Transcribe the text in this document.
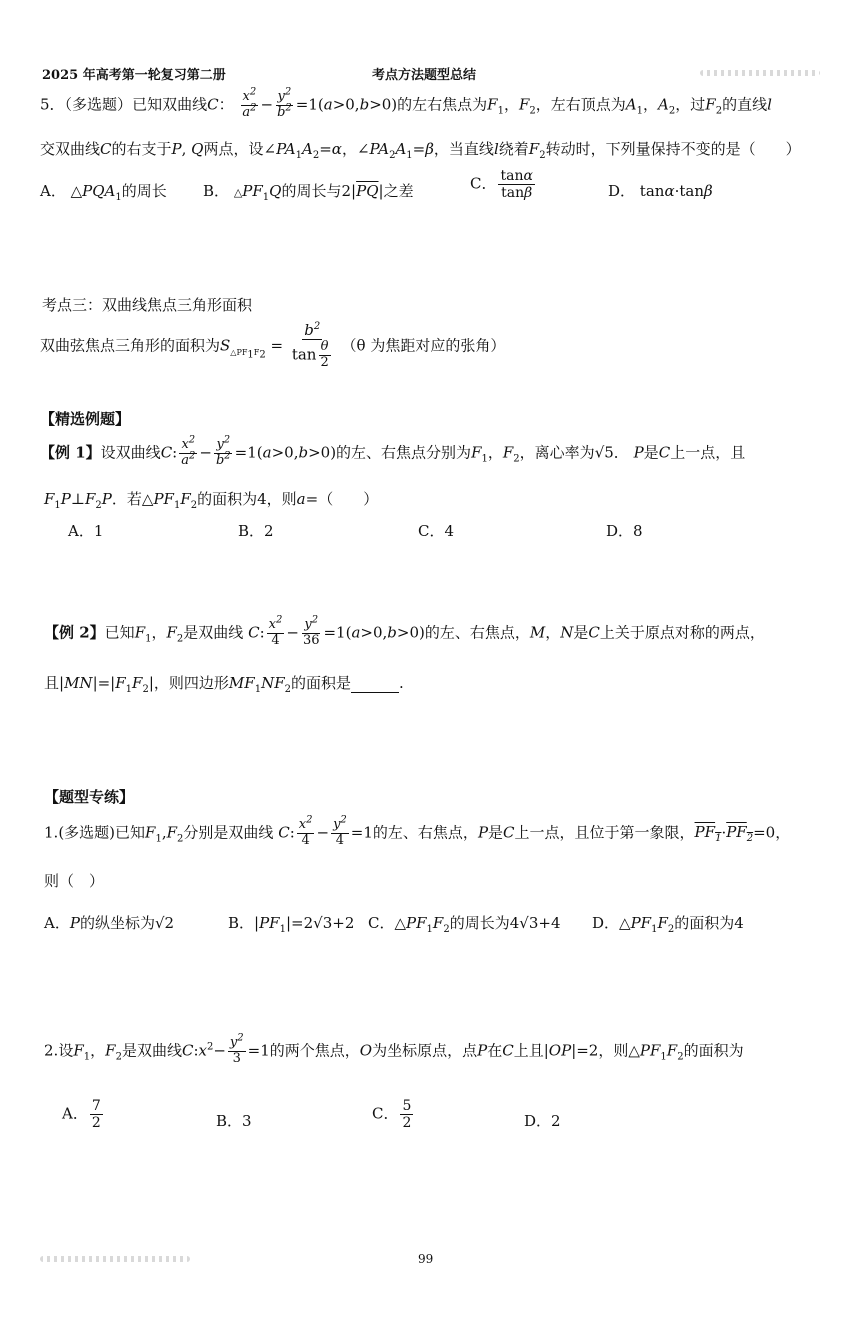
2025 年高考第一轮复习第二册	考点方法题型总结
5．（多选题）已知双曲线C： $\frac{x^2}{a^2} - \frac{y^2}{b^2} =1(a>0,b>0)$的左右焦点为$F_1$，$F_2$，左右顶点为$A_1$，$A_2$，过$F_2$的直线l
交双曲线C的右支于P, Q两点，设$\angle PA_1A_2=\alpha$，$\angle PA_2A_1=\beta$，当直线l绕着$F_2$转动时，下列量保持不变的是（　　）
A． $\triangle PQA_1$的周长 B． $\triangle PF_1Q$的周长与$2|\overline{PQ}|$之差	C． $\frac{\tan\alpha}{\tan\beta}$	D． tanα·tanβ
考点三：双曲线焦点三角形面积
双曲弦焦点三角形的面积为$S_{\triangle PF_1F_2} = \frac{b^2}{\tan \frac{\theta}{2}} (\theta$ 为焦距对应的张角）
【精选例题】
【例 1】设双曲线C: $\frac{x^2}{a^2} - \frac{y^2}{b^2} =1(a>0,b>0)$的左、右焦点分别为$F_1$，$F_2$，离心率为√5． P是C上一点，且
$F_1P\perp F_2P$．若$\triangle PF_1F_2$的面积为4，则a=（　　）
A．1	B．2	C．4	D．8
【例 2】已知$F_1$，$F_2$是双曲线 C: $\frac{x^2}{4} - \frac{y^2}{36} =1(a>0,b>0)$的左、右焦点，M，N是C上关于原点对称的两点，
且$|MN|=|F_1F_2|$，则四边形$MF_1NF_2$的面积是	.
【题型专练】
1.(多选题)已知$F_1,F_2$分别是双曲线 C: $\frac{x^2}{4} - \frac{y^2}{4} =1$的左、右焦点，P是C上一点，且位于第一象限，$PF_1\cdot PF_2=0$，
则（　）
A．P的纵坐标为√2	B．$|PF_1|=2√3+2$ C．$\triangle PF_1F_2$的周长为4√3+4 D．$\triangle PF_1F_2$的面积为4
2.设$F_1$，$F_2$是双曲线$C:x^2- \frac{y^2}{3} =1$的两个焦点，O为坐标原点，点P在C上且|OP|=2，则$\triangle PF_1F_2$的面积为
A． $\frac{7}{2}$	B．3	C． $\frac{5}{2}$	D．2
99
